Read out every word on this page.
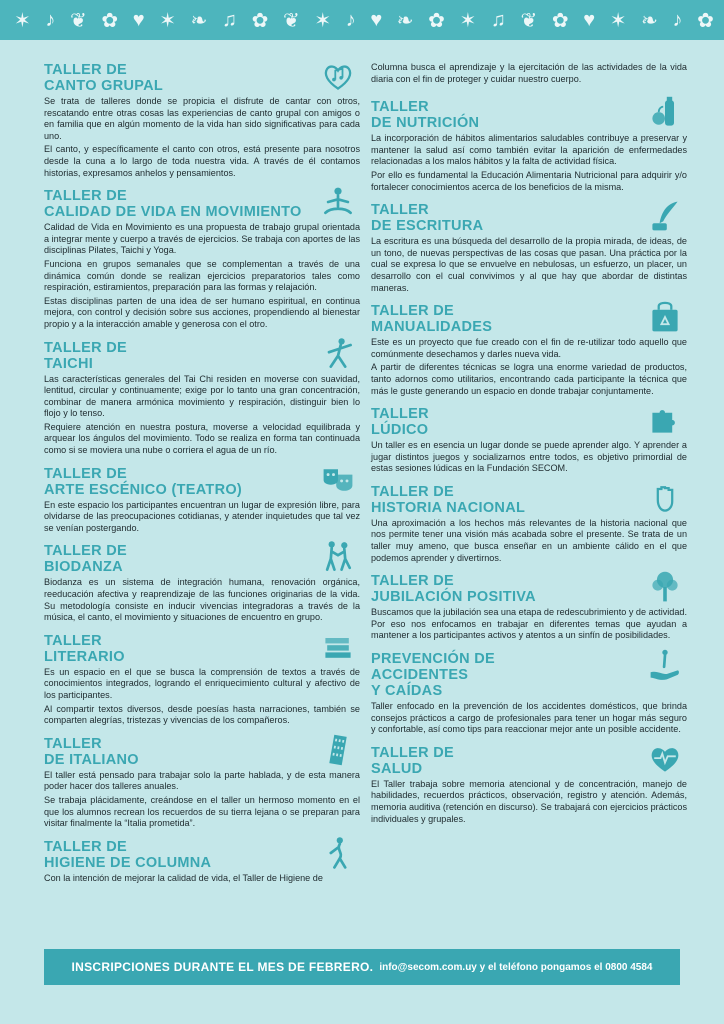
✶ ♪ ❦ ✿ ♥ ✶ ❧ ♫ ✿ ❦ ✶ ♪ ♥ ❧ ✿ ✶ ♫ ❦ ✿ ♥ ✶ ❧ ♪ ✿
TALLER DE
CANTO GRUPAL

Se trata de talleres donde se propicia el disfrute de cantar con otros, rescatando entre otras cosas las experiencias de canto grupal con amigos o en familia que en algún momento de la vida han sido significativas para cada uno.

El canto, y específicamente el canto con otros, está presente para nosotros desde la cuna a lo largo de toda nuestra vida. A través de él contamos historias, expresamos anhelos y pensamientos.

TALLER DE
CALIDAD DE VIDA EN MOVIMIENTO

Calidad de Vida en Movimiento es una propuesta de trabajo grupal orientada a integrar mente y cuerpo a través de ejercicios. Se trabaja con aportes de las disciplinas Pilates, Taichi y Yoga.

Funciona en grupos semanales que se complementan a través de una dinámica común donde se realizan ejercicios preparatorios tales como respiración, estiramientos, preparación para las formas y relajación.

Estas disciplinas parten de una idea de ser humano espiritual, en continua mejora, con control y decisión sobre sus acciones, propendiendo al bienestar propio y a la interacción amable y generosa con el otro.

TALLER DE
TAICHI

Las características generales del Tai Chi residen en moverse con suavidad, lentitud, circular y continuamente; exige por lo tanto una gran concentración, combinar de manera armónica movimiento y respiración, distinguir bien lo flojo y lo tenso.

Requiere atención en nuestra postura, moverse a velocidad equilibrada y arquear los ángulos del movimiento. Todo se realiza en forma tan continuada como si se moviera una nube o corriera el agua de un río.

TALLER DE
ARTE ESCÉNICO (TEATRO)

En este espacio los participantes encuentran un lugar de expresión libre, para olvidarse de las preocupaciones cotidianas, y atender inquietudes que tal vez se venían postergando.

TALLER DE
BIODANZA

Biodanza es un sistema de integración humana, renovación orgánica, reeducación afectiva y reaprendizaje de las funciones originarias de la vida. Su metodología consiste en inducir vivencias integradoras a través de la música, el canto, el movimiento y situaciones de encuentro en grupo.

TALLER
LITERARIO

Es un espacio en el que se busca la comprensión de textos a través de conocimientos integrados, logrando el enriquecimiento cultural y afectivo de los participantes.

Al compartir textos diversos, desde poesías hasta narraciones, también se comparten alegrías, tristezas y vivencias de los compañeros.

TALLER
DE ITALIANO

El taller está pensado para trabajar solo la parte hablada, y de esta manera poder hacer dos talleres anuales.

Se trabaja plácidamente, creándose en el taller un hermoso momento en el que los alumnos recrean los recuerdos de su tierra lejana o se preparan para visitar finalmente la “Italia prometida”.

TALLER DE
HIGIENE DE COLUMNA

Con la intención de mejorar la calidad de vida, el Taller de Higiene de

Columna busca el aprendizaje y la ejercitación de las actividades de la vida diaria con el fin de proteger y cuidar nuestro cuerpo.

TALLER
DE NUTRICIÓN

La incorporación de hábitos alimentarios saludables contribuye a preservar y mantener la salud así como también evitar la aparición de enfermedades relacionadas a los malos hábitos y la falta de actividad física.

Por ello es fundamental la Educación Alimentaria Nutricional para adquirir y/o fortalecer conocimientos acerca de los beneficios de la misma.

TALLER
DE ESCRITURA

La escritura es una búsqueda del desarrollo de la propia mirada, de ideas, de un tono, de nuevas perspectivas de las cosas que pasan. Una práctica por la cual se expresa lo que se envuelve en nebulosas, un esfuerzo, un placer, un desarrollo con el cual convivimos y al que hay que abordar de distintas maneras.

TALLER DE
MANUALIDADES

Este es un proyecto que fue creado con el fin de re-utilizar todo aquello que comúnmente desechamos y darles nueva vida.

A partir de diferentes técnicas se logra una enorme variedad de productos, tanto adornos como utilitarios, encontrando cada participante la técnica que más le guste generando un espacio en donde trabajar conjuntamente.

TALLER
LÚDICO

Un taller es en esencia un lugar donde se puede aprender algo. Y aprender a jugar distintos juegos y socializarnos entre todos, es objetivo primordial de estas sesiones lúdicas en la Fundación SECOM.

TALLER DE
HISTORIA NACIONAL

Una aproximación a los hechos más relevantes de la historia nacional que nos permite tener una visión más acabada sobre el presente. Se trata de un taller muy ameno, que busca enseñar en un ambiente cálido en el que podemos aprender y divertirnos.

TALLER DE
JUBILACIÓN POSITIVA

Buscamos que la jubilación sea una etapa de redescubrimiento y de actividad. Por eso nos enfocamos en trabajar en diferentes temas que ayudan a mantener a los participantes activos y atentos a un sinfín de posibilidades.

PREVENCIÓN DE
ACCIDENTES
Y CAÍDAS

Taller enfocado en la prevención de los accidentes domésticos, que brinda consejos prácticos a cargo de profesionales para tener un hogar más seguro y confortable, así como tips para reaccionar mejor ante un posible accidente.

TALLER DE
SALUD

El Taller trabaja sobre memoria atencional y de concentración, manejo de habilidades, recuerdos prácticos, observación, registro y atención. Además, memoria auditiva (retención en discurso). Se trabajará con ejercicios prácticos individuales y grupales.

INSCRIPCIONES DURANTE EL MES DE FEBRERO. info@secom.com.uy y el teléfono pongamos el 0800 4584
